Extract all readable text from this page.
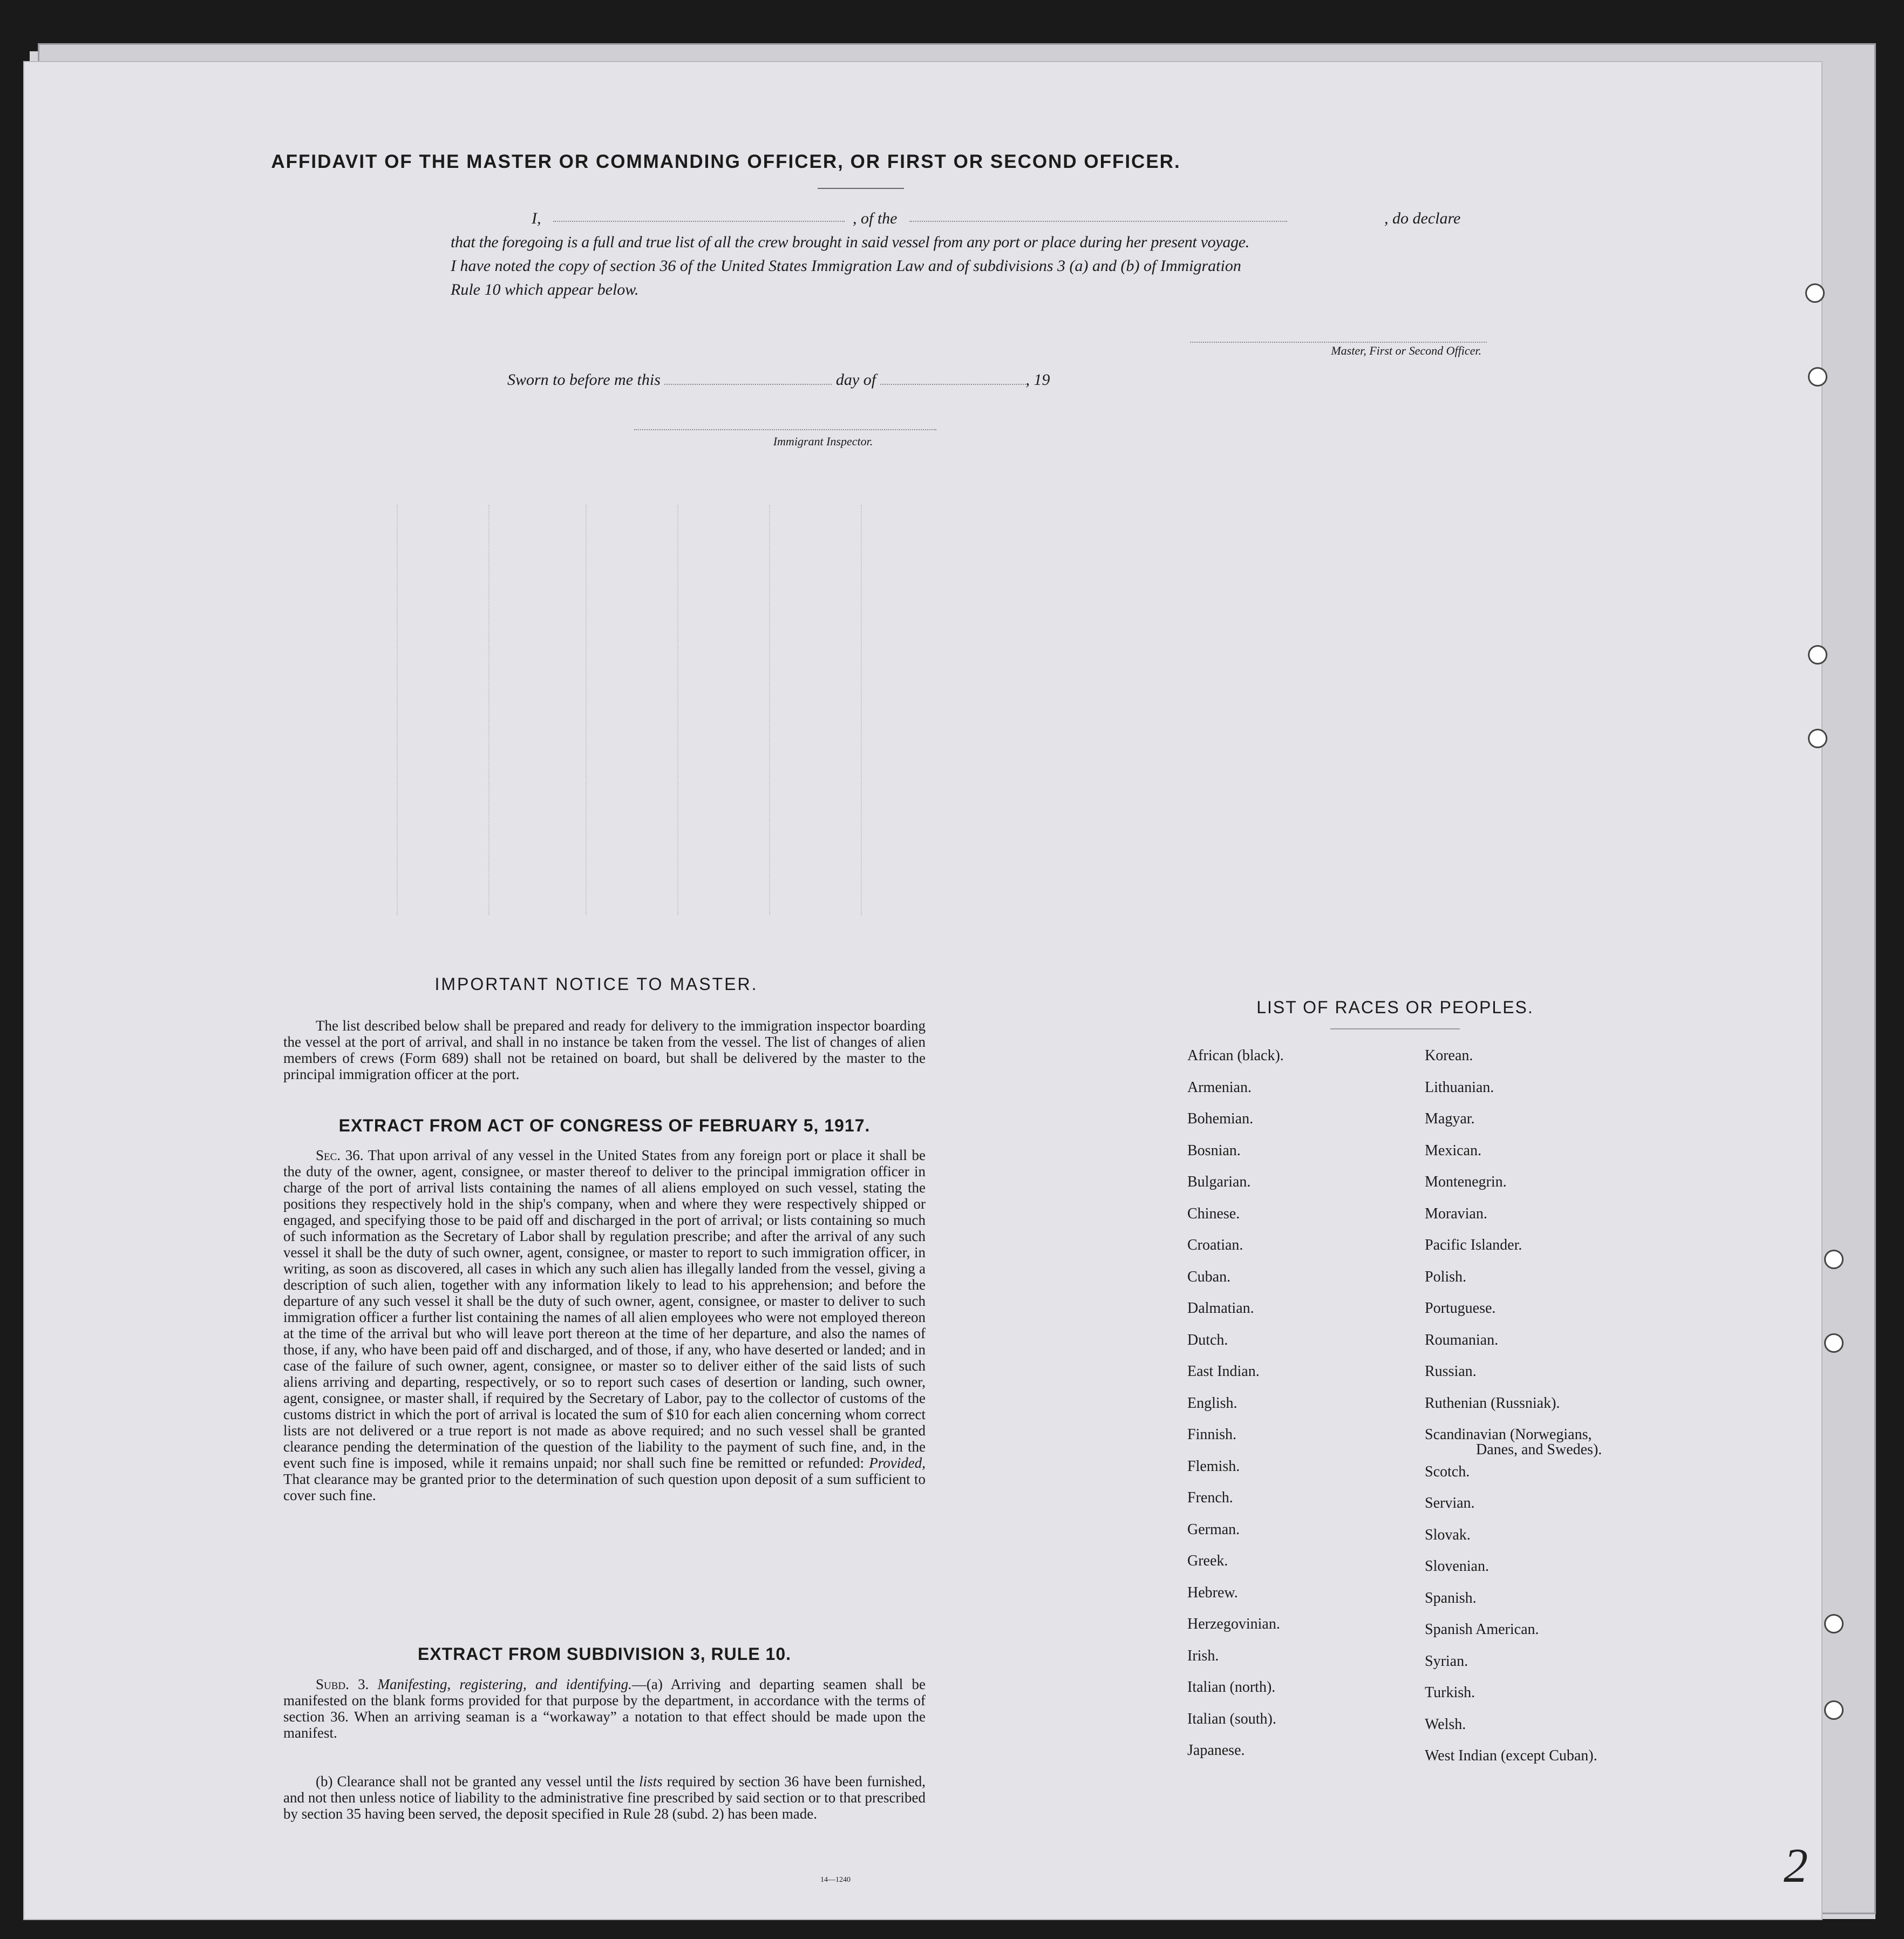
AFFIDAVIT OF THE MASTER OR COMMANDING OFFICER, OR FIRST OR SECOND OFFICER.
I,	, of the	, do declare
that the foregoing is a full and true list of all the crew brought in said vessel from any port or place during her present voyage.
I have noted the copy of section 36 of the United States Immigration Law and of subdivisions 3 (a) and (b) of Immigration
Rule 10 which appear below.
Master, First or Second Officer.
Sworn to before me this	day of	, 19
Immigrant Inspector.
IMPORTANT NOTICE TO MASTER.
The list described below shall be prepared and ready for delivery to the immigration inspector boarding the vessel at the port of arrival, and shall in no instance be taken from the vessel. The list of changes of alien members of crews (Form 689) shall not be retained on board, but shall be delivered by the master to the principal immigration officer at the port.
EXTRACT FROM ACT OF CONGRESS OF FEBRUARY 5, 1917.
Sec. 36. That upon arrival of any vessel in the United States from any foreign port or place it shall be the duty of the owner, agent, consignee, or master thereof to deliver to the principal immigration officer in charge of the port of arrival lists containing the names of all aliens employed on such vessel, stating the positions they respectively hold in the ship's company, when and where they were respectively shipped or engaged, and specifying those to be paid off and discharged in the port of arrival; or lists containing so much of such information as the Secretary of Labor shall by regulation prescribe; and after the arrival of any such vessel it shall be the duty of such owner, agent, consignee, or master to report to such immigration officer, in writing, as soon as discovered, all cases in which any such alien has illegally landed from the vessel, giving a description of such alien, together with any information likely to lead to his apprehension; and before the departure of any such vessel it shall be the duty of such owner, agent, consignee, or master to deliver to such immigration officer a further list containing the names of all alien employees who were not employed thereon at the time of the arrival but who will leave port thereon at the time of her departure, and also the names of those, if any, who have been paid off and discharged, and of those, if any, who have deserted or landed; and in case of the failure of such owner, agent, consignee, or master so to deliver either of the said lists of such aliens arriving and departing, respectively, or so to report such cases of desertion or landing, such owner, agent, consignee, or master shall, if required by the Secretary of Labor, pay to the collector of customs of the customs district in which the port of arrival is located the sum of $10 for each alien concerning whom correct lists are not delivered or a true report is not made as above required; and no such vessel shall be granted clearance pending the determination of the question of the liability to the payment of such fine, and, in the event such fine is imposed, while it remains unpaid; nor shall such fine be remitted or refunded: Provided, That clearance may be granted prior to the determination of such question upon deposit of a sum sufficient to cover such fine.
EXTRACT FROM SUBDIVISION 3, RULE 10.
Subd. 3. Manifesting, registering, and identifying.—(a) Arriving and departing seamen shall be manifested on the blank forms provided for that purpose by the department, in accordance with the terms of section 36. When an arriving seaman is a “workaway” a notation to that effect should be made upon the manifest.
(b) Clearance shall not be granted any vessel until the lists required by section 36 have been furnished, and not then unless notice of liability to the administrative fine prescribed by said section or to that prescribed by section 35 having been served, the deposit specified in Rule 28 (subd. 2) has been made.
14—1240
LIST OF RACES OR PEOPLES.
African (black).
Armenian.
Bohemian.
Bosnian.
Bulgarian.
Chinese.
Croatian.
Cuban.
Dalmatian.
Dutch.
East Indian.
English.
Finnish.
Flemish.
French.
German.
Greek.
Hebrew.
Herzegovinian.
Irish.
Italian (north).
Italian (south).
Japanese.
Korean.
Lithuanian.
Magyar.
Mexican.
Montenegrin.
Moravian.
Pacific Islander.
Polish.
Portuguese.
Roumanian.
Russian.
Ruthenian (Russniak).
Scandinavian (Norwegians,
Danes, and Swedes).
Scotch.
Servian.
Slovak.
Slovenian.
Spanish.
Spanish American.
Syrian.
Turkish.
Welsh.
West Indian (except Cuban).
2
